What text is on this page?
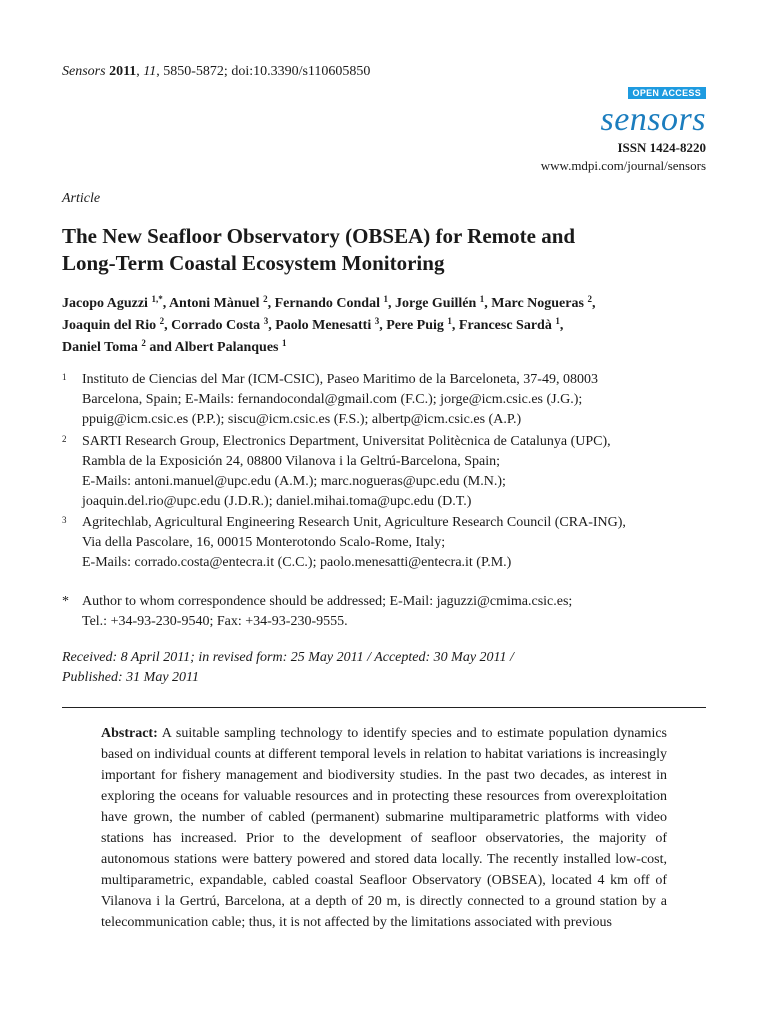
Sensors 2011, 11, 5850-5872; doi:10.3390/s110605850
OPEN ACCESS
sensors
ISSN 1424-8220
www.mdpi.com/journal/sensors
Article
The New Seafloor Observatory (OBSEA) for Remote and
Long-Term Coastal Ecosystem Monitoring
Jacopo Aguzzi $^{1,*}$, Antoni Mànuel $^2$, Fernando Condal $^1$, Jorge Guillén $^1$, Marc Nogueras $^2$,
Joaquin del Rio $^2$, Corrado Costa $^3$, Paolo Menesatti $^3$, Pere Puig $^1$, Francesc Sardà $^1$,
Daniel Toma $^2$ and Albert Palanques $^1$
1 Instituto de Ciencias del Mar (ICM-CSIC), Paseo Maritimo de la Barceloneta, 37-49, 08003
Barcelona, Spain; E-Mails: fernandocondal@gmail.com (F.C.); jorge@icm.csic.es (J.G.);
ppuig@icm.csic.es (P.P.); siscu@icm.csic.es (F.S.); albertp@icm.csic.es (A.P.)
2 SARTI Research Group, Electronics Department, Universitat Politècnica de Catalunya (UPC),
Rambla de la Exposición 24, 08800 Vilanova i la Geltrú-Barcelona, Spain;
E-Mails: antoni.manuel@upc.edu (A.M.); marc.nogueras@upc.edu (M.N.);
joaquin.del.rio@upc.edu (J.D.R.); daniel.mihai.toma@upc.edu (D.T.)
3 Agritechlab, Agricultural Engineering Research Unit, Agriculture Research Council (CRA-ING),
Via della Pascolare, 16, 00015 Monterotondo Scalo-Rome, Italy;
E-Mails: corrado.costa@entecra.it (C.C.); paolo.menesatti@entecra.it (P.M.)
* Author to whom correspondence should be addressed; E-Mail: jaguzzi@cmima.csic.es;
Tel.: +34-93-230-9540; Fax: +34-93-230-9555.
Received: 8 April 2011; in revised form: 25 May 2011 / Accepted: 30 May 2011 /
Published: 31 May 2011
Abstract: A suitable sampling technology to identify species and to estimate population dynamics based on individual counts at different temporal levels in relation to habitat variations is increasingly important for fishery management and biodiversity studies. In the past two decades, as interest in exploring the oceans for valuable resources and in protecting these resources from overexploitation have grown, the number of cabled (permanent) submarine multiparametric platforms with video stations has increased. Prior to the development of seafloor observatories, the majority of autonomous stations were battery powered and stored data locally. The recently installed low-cost, multiparametric, expandable, cabled coastal Seafloor Observatory (OBSEA), located 4 km off of Vilanova i la Gertrú, Barcelona, at a depth of 20 m, is directly connected to a ground station by a telecommunication cable; thus, it is not affected by the limitations associated with previous
